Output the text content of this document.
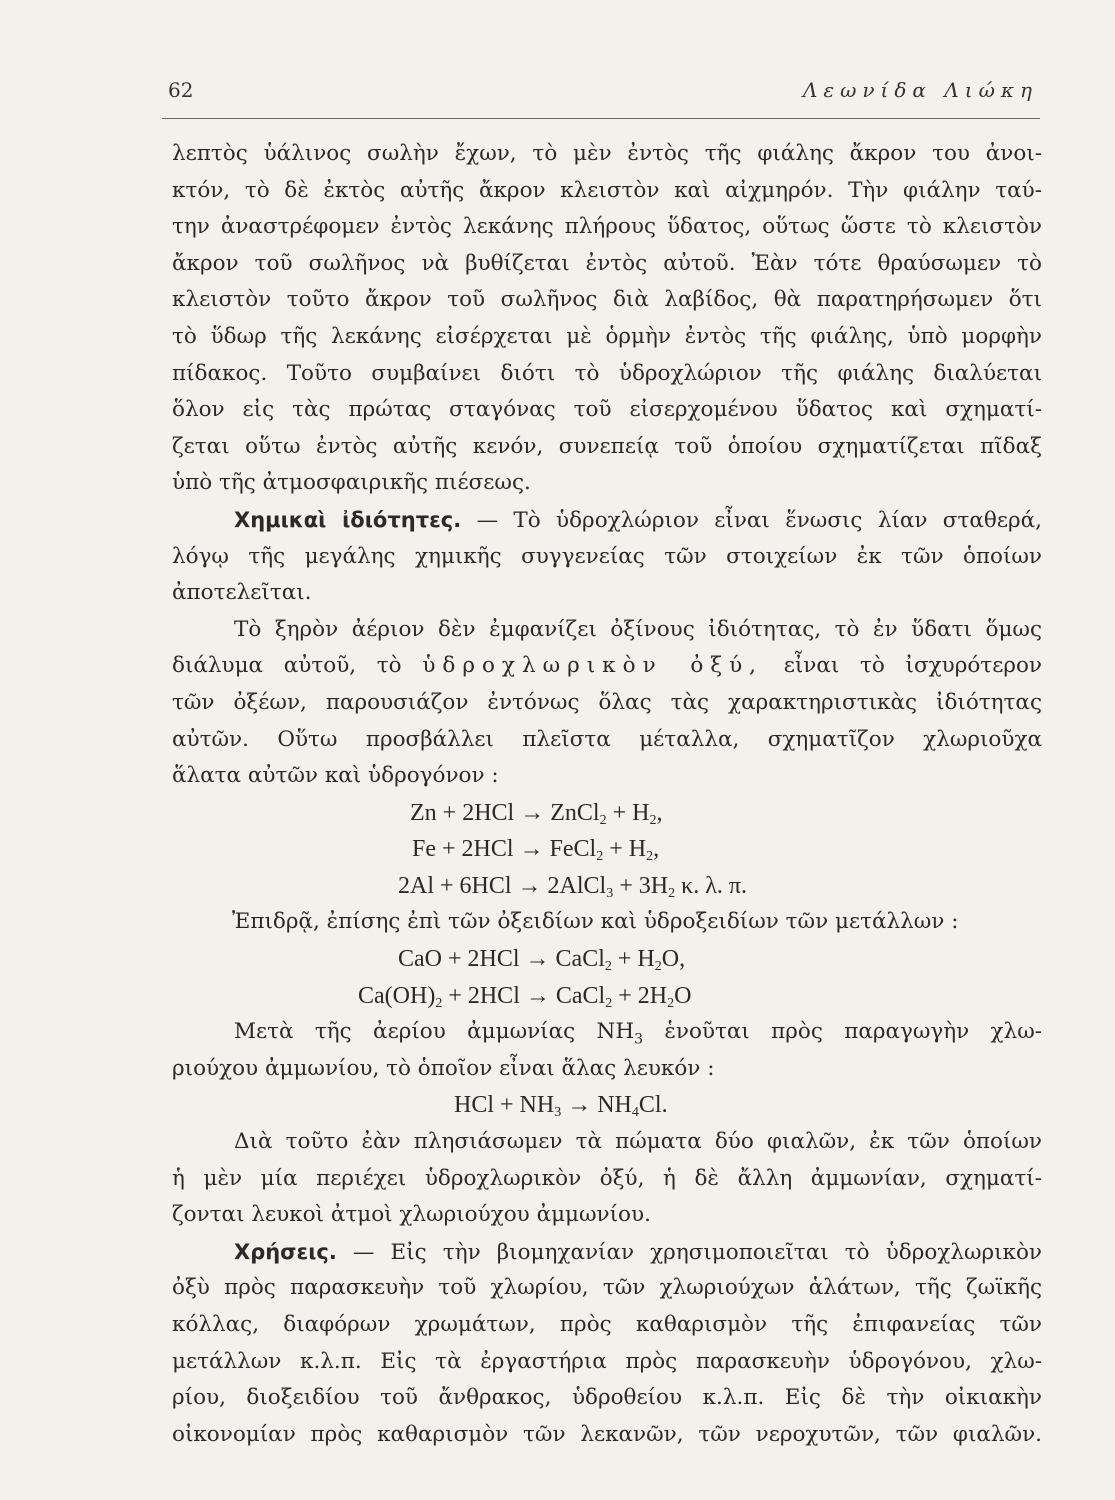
62	Λεωνίδα Λιώκη
λεπτὸς ὑάλινος σωλὴν ἔχων, τὸ μὲν ἐντὸς τῆς φιάλης ἄκρον του ἀνοι-
κτόν, τὸ δὲ ἐκτὸς αὐτῆς ἄκρον κλειστὸν καὶ αἰχμηρόν. Τὴν φιάλην ταύ-
την ἀναστρέφομεν ἐντὸς λεκάνης πλήρους ὕδατος, οὕτως ὥστε τὸ κλειστὸν
ἄκρον τοῦ σωλῆνος νὰ βυθίζεται ἐντὸς αὐτοῦ. Ἐὰν τότε θραύσωμεν τὸ
κλειστὸν τοῦτο ἄκρον τοῦ σωλῆνος διὰ λαβίδος, θὰ παρατηρήσωμεν ὅτι
τὸ ὕδωρ τῆς λεκάνης εἰσέρχεται μὲ ὁρμὴν ἐντὸς τῆς φιάλης, ὑπὸ μορφὴν
πίδακος. Τοῦτο συμβαίνει διότι τὸ ὑδροχλώριον τῆς φιάλης διαλύεται
ὅλον εἰς τὰς πρώτας σταγόνας τοῦ εἰσερχομένου ὕδατος καὶ σχηματί-
ζεται οὕτω ἐντὸς αὐτῆς κενόν, συνεπείᾳ τοῦ ὁποίου σχηματίζεται πῖδαξ
ὑπὸ τῆς ἀτμοσφαιρικῆς πιέσεως.
Χημικαὶ ἰδιότητες. — Τὸ ὑδροχλώριον εἶναι ἕνωσις λίαν σταθερά,
λόγῳ τῆς μεγάλης χημικῆς συγγενείας τῶν στοιχείων ἐκ τῶν ὁποίων
ἀποτελεῖται.
Τὸ ξηρὸν ἀέριον δὲν ἐμφανίζει ὀξίνους ἰδιότητας, τὸ ἐν ὕδατι ὅμως
διάλυμα αὐτοῦ, τὸ ὑδροχλωρικὸν ὀξύ, εἶναι τὸ ἰσχυρότερον
τῶν ὀξέων, παρουσιάζον ἐντόνως ὅλας τὰς χαρακτηριστικὰς ἰδιότητας
αὐτῶν. Οὕτω προσβάλλει πλεῖστα μέταλλα, σχηματῖζον χλωριοῦχα
ἅλατα αὐτῶν καὶ ὑδρογόνον :
Zn + 2HCl → ZnCl$_2$ + $H_2$,
Fe + 2HCl → FeCl$_2$ + $H_2$,
2Al + 6HCl → 2AlCl$_3$ + $3H_2$ κ. λ. π.
Ἐπιδρᾷ, ἐπίσης ἐπὶ τῶν ὀξειδίων καὶ ὑδροξειδίων τῶν μετάλλων :
CaO + 2HCl → CaCl$_2$ + $H_2O$,
$Ca(OH)_2 + 2HCl$ → CaCl$_2$ + $2H_2O$
Μετὰ τῆς ἀερίου ἀμμωνίας $NH_3$ ἑνοῦται πρὸς παραγωγὴν χλω-
ριούχου ἀμμωνίου, τὸ ὁποῖον εἶναι ἅλας λευκόν :
HCl + $NH_3 \to NH_4Cl$.
Διὰ τοῦτο ἐὰν πλησιάσωμεν τὰ πώματα δύο φιαλῶν, ἐκ τῶν ὁποίων
ἡ μὲν μία περιέχει ὑδροχλωρικὸν ὀξύ, ἡ δὲ ἄλλη ἀμμωνίαν, σχηματί-
ζονται λευκοὶ ἀτμοὶ χλωριούχου ἀμμωνίου.
Χρήσεις. — Εἰς τὴν βιομηχανίαν χρησιμοποιεῖται τὸ ὑδροχλωρικὸν
ὀξὺ πρὸς παρασκευὴν τοῦ χλωρίου, τῶν χλωριούχων ἁλάτων, τῆς ζωϊκῆς
κόλλας, διαφόρων χρωμάτων, πρὸς καθαρισμὸν τῆς ἐπιφανείας τῶν
μετάλλων κ.λ.π. Εἰς τὰ ἐργαστήρια πρὸς παρασκευὴν ὑδρογόνου, χλω-
ρίου, διοξειδίου τοῦ ἄνθρακος, ὑδροθείου κ.λ.π. Εἰς δὲ τὴν οἰκιακὴν
οἰκονομίαν πρὸς καθαρισμὸν τῶν λεκανῶν, τῶν νεροχυτῶν, τῶν φιαλῶν.
